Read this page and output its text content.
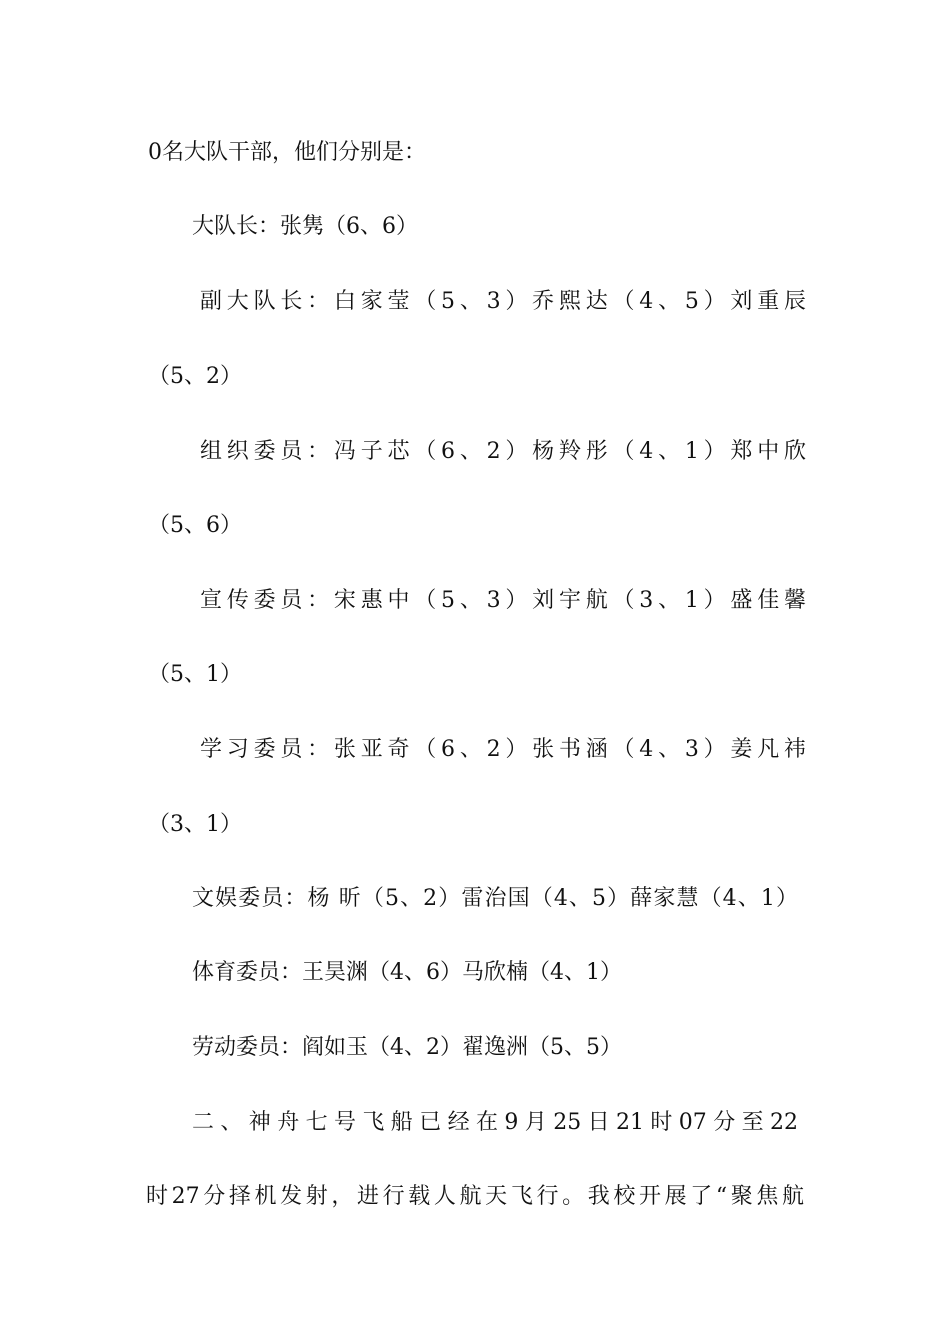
0名大队干部，他们分别是：

大队长：张隽（6、6）

副大队长：白家莹（5、3）乔熙达（4、5）刘重辰

（5、2）

组织委员：冯子芯（6、2）杨羚彤（4、1）郑中欣

（5、6）

宣传委员：宋惠中（5、3）刘宇航（3、1）盛佳馨

（5、1）

学习委员：张亚奇（6、2）张书涵（4、3）姜凡祎

（3、1）

文娱委员：杨 昕（5、2）雷治国（4、5）薛家慧（4、1）

体育委员：王昊渊（4、6）马欣楠（4、1）

劳动委员：阎如玉（4、2）翟逸洲（5、5）

二、神舟七号飞船已经在9月25日21时07分至22

时27分择机发射，进行载人航天飞行。我校开展了“聚焦航
